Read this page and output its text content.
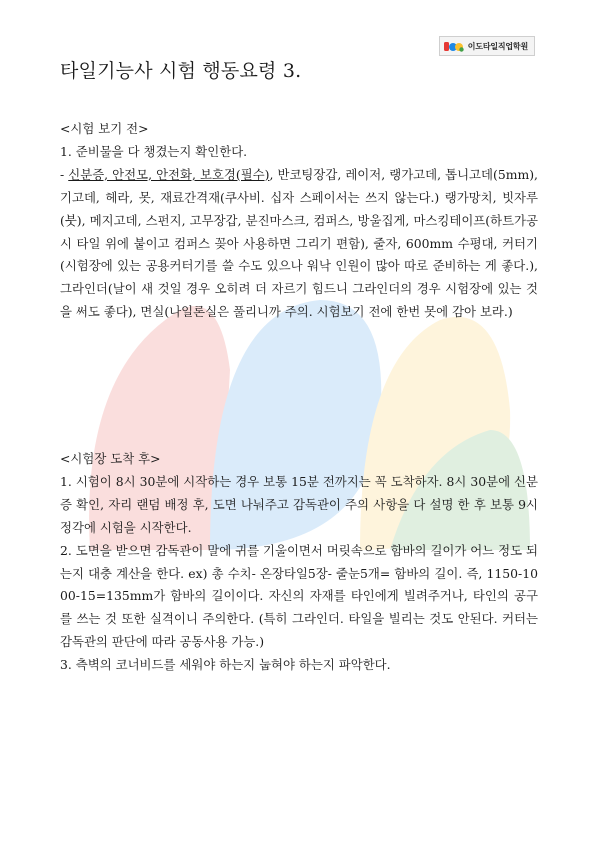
이도타일직업학원
타일기능사 시험 행동요령 3.

<시험 보기 전>

1. 준비물을 다 챙겼는지 확인한다.

- 신분증, 안전모, 안전화, 보호경(필수), 반코팅장갑, 레이저, 랭가고데, 톱니고데(5mm), 기고데, 헤라, 못, 재료간격재(쿠사비. 십자 스페이서는 쓰지 않는다.) 랭가망치, 빗자루(붓), 메지고데, 스펀지, 고무장갑, 분진마스크, 컴퍼스, 방울집게, 마스킹테이프(하트가공시 타일 위에 붙이고 컴퍼스 꽂아 사용하면 그리기 편함), 줄자, 600mm 수평대, 커터기(시험장에 있는 공용커터기를 쓸 수도 있으나 워낙 인원이 많아 따로 준비하는 게 좋다.), 그라인더(날이 새 것일 경우 오히려 더 자르기 힘드니 그라인더의 경우 시험장에 있는 것을 써도 좋다), 면실(나일론실은 풀리니까 주의. 시험보기 전에 한번 못에 감아 보라.)

<시험장 도착 후>

1. 시험이 8시 30분에 시작하는 경우 보통 15분 전까지는 꼭 도착하자. 8시 30분에 신분증 확인, 자리 랜덤 배정 후, 도면 나눠주고 감독관이 주의 사항을 다 설명 한 후 보통 9시 정각에 시험을 시작한다.

2. 도면을 받으면 감독관이 말에 귀를 기울이면서 머릿속으로 함바의 길이가 어느 정도 되는지 대충 계산을 한다. ex) 총 수치- 온장타일5장- 줄눈5개= 함바의 길이. 즉, 1150-1000-15=135mm가 함바의 길이이다. 자신의 자재를 타인에게 빌려주거나, 타인의 공구를 쓰는 것 또한 실격이니 주의한다. (특히 그라인더. 타일을 빌리는 것도 안된다. 커터는 감독관의 판단에 따라 공동사용 가능.)

3. 측벽의 코너비드를 세워야 하는지 눕혀야 하는지 파악한다.
